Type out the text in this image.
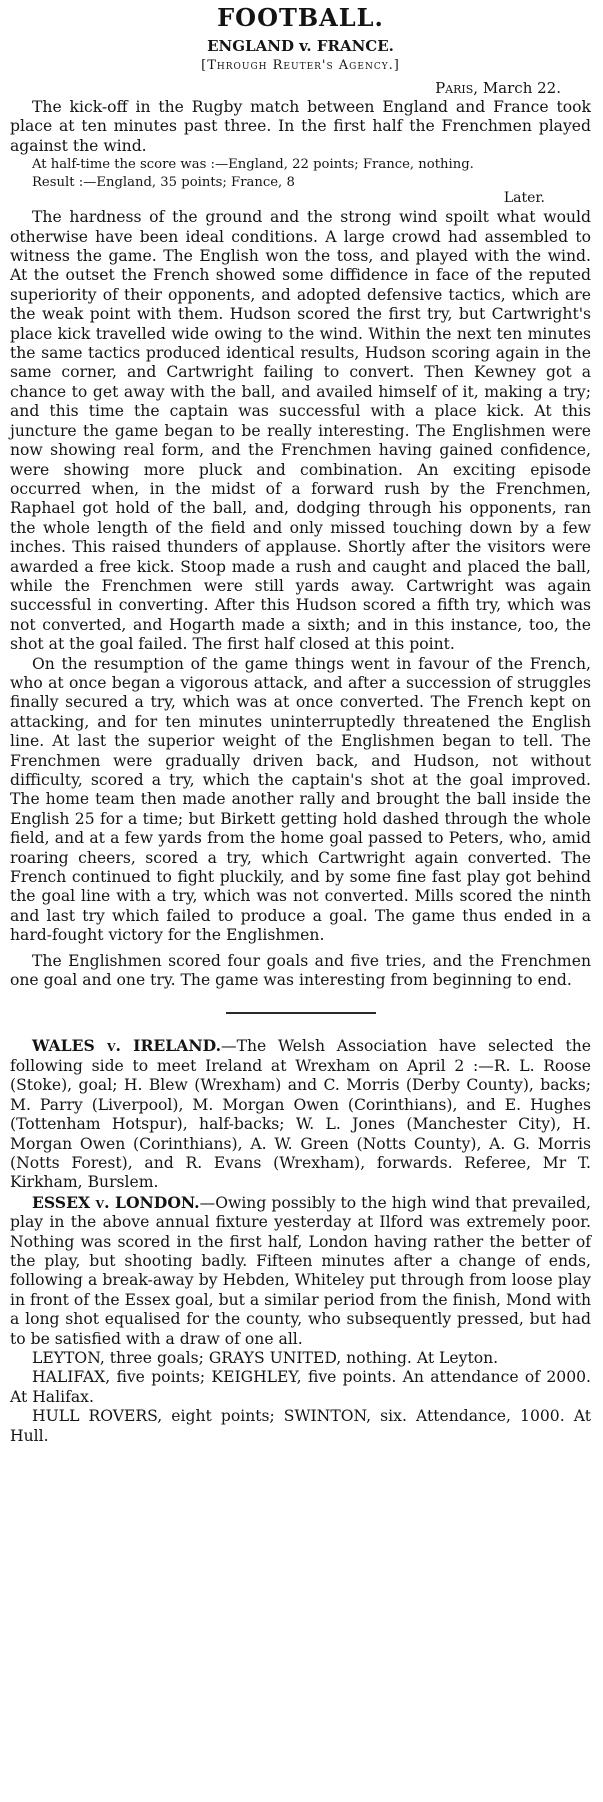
FOOTBALL.
ENGLAND v. FRANCE.
[Through Reuter's Agency.]
Paris, March 22.

The kick-off in the Rugby match between England and France took place at ten minutes past three. In the first half the Frenchmen played against the wind.

At half-time the score was :—England, 22 points; France, nothing.

Result :—England, 35 points; France, 8

Later.

The hardness of the ground and the strong wind spoilt what would otherwise have been ideal conditions. A large crowd had assembled to witness the game. The English won the toss, and played with the wind. At the outset the French showed some diffidence in face of the reputed superiority of their opponents, and adopted defensive tactics, which are the weak point with them. Hudson scored the first try, but Cartwright's place kick travelled wide owing to the wind. Within the next ten minutes the same tactics produced identical results, Hudson scoring again in the same corner, and Cartwright failing to convert. Then Kewney got a chance to get away with the ball, and availed himself of it, making a try; and this time the captain was successful with a place kick. At this juncture the game began to be really interesting. The Englishmen were now showing real form, and the Frenchmen having gained confidence, were showing more pluck and combination. An exciting episode occurred when, in the midst of a forward rush by the Frenchmen, Raphael got hold of the ball, and, dodging through his opponents, ran the whole length of the field and only missed touching down by a few inches. This raised thunders of applause. Shortly after the visitors were awarded a free kick. Stoop made a rush and caught and placed the ball, while the Frenchmen were still yards away. Cartwright was again successful in converting. After this Hudson scored a fifth try, which was not converted, and Hogarth made a sixth; and in this instance, too, the shot at the goal failed. The first half closed at this point.

On the resumption of the game things went in favour of the French, who at once began a vigorous attack, and after a succession of struggles finally secured a try, which was at once converted. The French kept on attacking, and for ten minutes uninterruptedly threatened the English line. At last the superior weight of the Englishmen began to tell. The Frenchmen were gradually driven back, and Hudson, not without difficulty, scored a try, which the captain's shot at the goal improved. The home team then made another rally and brought the ball inside the English 25 for a time; but Birkett getting hold dashed through the whole field, and at a few yards from the home goal passed to Peters, who, amid roaring cheers, scored a try, which Cartwright again converted. The French continued to fight pluckily, and by some fine fast play got behind the goal line with a try, which was not converted. Mills scored the ninth and last try which failed to produce a goal. The game thus ended in a hard-fought victory for the Englishmen.

The Englishmen scored four goals and five tries, and the Frenchmen one goal and one try. The game was interesting from beginning to end.

WALES v. IRELAND.—The Welsh Association have selected the following side to meet Ireland at Wrexham on April 2 :—R. L. Roose (Stoke), goal; H. Blew (Wrexham) and C. Morris (Derby County), backs; M. Parry (Liverpool), M. Morgan Owen (Corinthians), and E. Hughes (Tottenham Hotspur), half-backs; W. L. Jones (Manchester City), H. Morgan Owen (Corinthians), A. W. Green (Notts County), A. G. Morris (Notts Forest), and R. Evans (Wrexham), forwards. Referee, Mr T. Kirkham, Burslem.

ESSEX v. LONDON.—Owing possibly to the high wind that prevailed, play in the above annual fixture yesterday at Ilford was extremely poor. Nothing was scored in the first half, London having rather the better of the play, but shooting badly. Fifteen minutes after a change of ends, following a break-away by Hebden, Whiteley put through from loose play in front of the Essex goal, but a similar period from the finish, Mond with a long shot equalised for the county, who subsequently pressed, but had to be satisfied with a draw of one all.

LEYTON, three goals; GRAYS UNITED, nothing. At Leyton.

HALIFAX, five points; KEIGHLEY, five points. An attendance of 2000. At Halifax.

HULL ROVERS, eight points; SWINTON, six. Attendance, 1000. At Hull.
